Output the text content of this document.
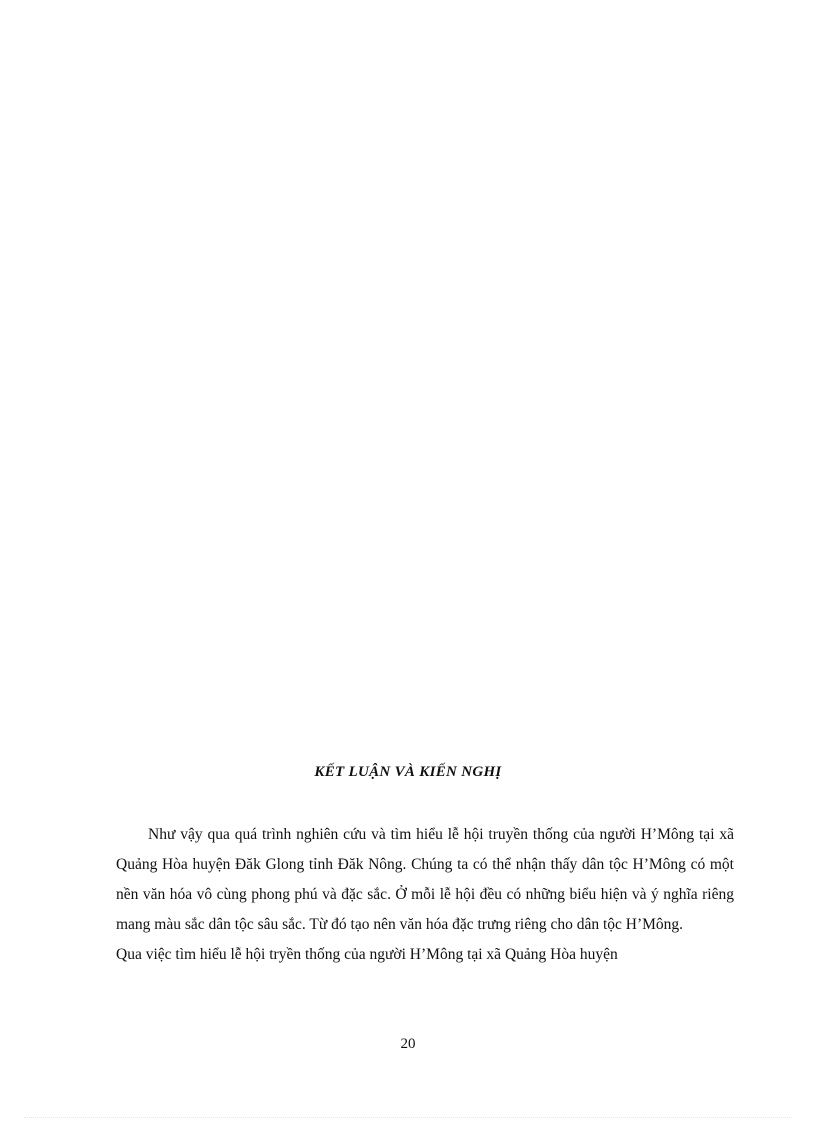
KẾT LUẬN VÀ KIẾN NGHỊ

Như vậy qua quá trình nghiên cứu và tìm hiểu lễ hội truyền thống của người H’Mông tại xã Quảng Hòa huyện Đăk Glong tỉnh Đăk Nông. Chúng ta có thể nhận thấy dân tộc H’Mông có một nền văn hóa vô cùng phong phú và đặc sắc. Ở mỗi lễ hội đều có những biểu hiện và ý nghĩa riêng mang màu sắc dân tộc sâu sắc. Từ đó tạo nên văn hóa đặc trưng riêng cho dân tộc H’Mông.

Qua việc tìm hiểu lễ hội tryền thống của người H’Mông tại xã Quảng Hòa huyện

20
